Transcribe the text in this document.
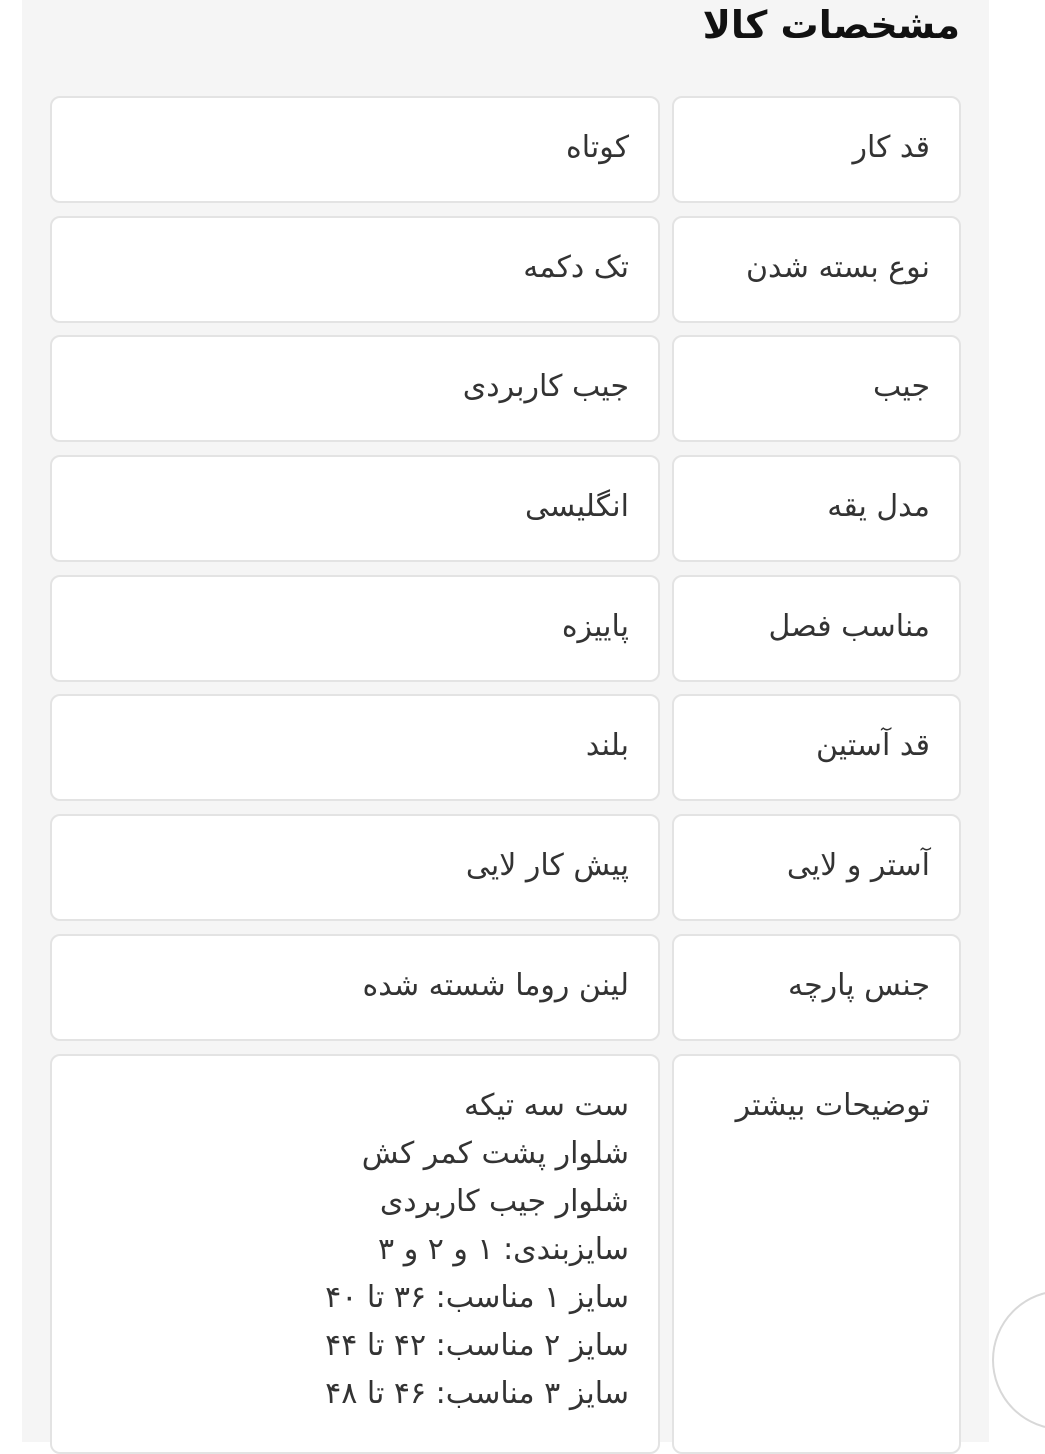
مشخصات کالا
قد کار
کوتاه
نوع بسته شدن
تک دکمه
جیب
جیب کاربردی
مدل یقه
انگلیسی
مناسب فصل
پاییزه
قد آستین
بلند
آستر و لایی
پیش کار لایی
جنس پارچه
لینن روما شسته شده
توضیحات بیشتر
ست سه تیکه
شلوار پشت کمر کش
شلوار جیب کاربردی
سایزبندی: ۱ و ۲ و ۳
سایز ۱ مناسب: ۳۶ تا ۴۰
سایز ۲ مناسب: ۴۲ تا ۴۴
سایز ۳ مناسب: ۴۶ تا ۴۸
